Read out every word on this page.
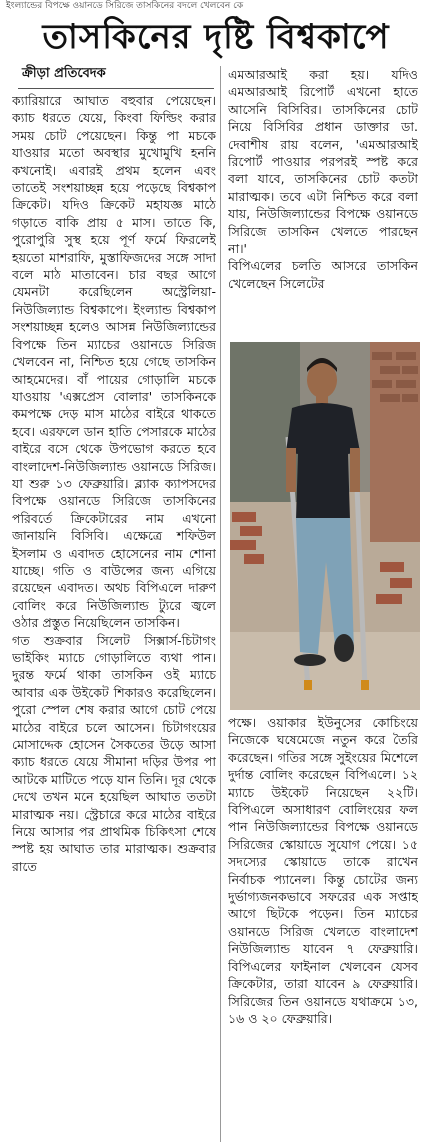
ইংল্যান্ডের বিপক্ষে ওয়ানডে সিরিজে তাসকিনের বদলে খেলবেন কে
তাসকিনের দৃষ্টি বিশ্বকাপে
ক্রীড়া প্রতিবেদক

ক্যারিয়ারে আঘাত বহুবার পেয়েছেন। ক্যাচ ধরতে যেয়ে, কিংবা ফিল্ডিং করার সময় চোট পেয়েছেন। কিন্তু পা মচকে যাওয়ার মতো অবস্থার মুখোমুখি হননি কখনোই। এবারই প্রথম হলেন এবং তাতেই সংশয়াচ্ছন্ন হয়ে পড়েছে বিশ্বকাপ ক্রিকেট। যদিও ক্রিকেট মহাযজ্ঞ মাঠে গড়াতে বাকি প্রায় ৫ মাস। তাতে কি, পুরোপুরি সুস্থ হয়ে পূর্ণ ফর্মে ফিরলেই হয়তো মাশরাফি, মুস্তাফিজদের সঙ্গে সাদা বলে মাঠ মাতাবেন। চার বছর আগে যেমনটা করেছিলেন অস্ট্রেলিয়া-নিউজিল্যান্ড বিশ্বকাপে। ইংল্যান্ড বিশ্বকাপ সংশয়াচ্ছন্ন হলেও আসন্ন নিউজিল্যান্ডের বিপক্ষে তিন ম্যাচের ওয়ানডে সিরিজ খেলবেন না, নিশ্চিত হয়ে গেছে তাসকিন আহমেদের। বাঁ পায়ের গোড়ালি মচকে যাওয়ায় 'এক্সপ্রেস বোলার' তাসকিনকে কমপক্ষে দেড় মাস মাঠের বাইরে থাকতে হবে। এরফলে ডান হাতি পেসারকে মাঠের বাইরে বসে থেকে উপভোগ করতে হবে বাংলাদেশ-নিউজিল্যান্ড ওয়ানডে সিরিজ। যা শুরু ১৩ ফেব্রুয়ারি। ব্ল্যাক ক্যাপসদের বিপক্ষে ওয়ানডে সিরিজে তাসকিনের পরিবর্তে ক্রিকেটারের নাম এখনো জানায়নি বিসিবি। এক্ষেত্রে শফিউল ইসলাম ও এবাদত হোসেনের নাম শোনা যাচ্ছে। গতি ও বাউন্সের জন্য এগিয়ে রয়েছেন এবাদত। অথচ বিপিএলে দারুণ বোলিং করে নিউজিল্যান্ড ট্যুরে জ্বলে ওঠার প্রস্তুত নিয়েছিলেন তাসকিন।

গত শুক্রবার সিলেট সিক্সার্স-চিটাগং ভাইকিং ম্যাচে গোড়ালিতে ব্যথা পান। দুরন্ত ফর্মে থাকা তাসকিন ওই ম্যাচে আবার এক উইকেট শিকারও করেছিলেন। পুরো স্পেল শেষ করার আগে চোট পেয়ে মাঠের বাইরে চলে আসেন। চিটাগংয়ের মোসাদ্দেক হোসেন সৈকতের উড়ে আসা ক্যাচ ধরতে যেয়ে সীমানা দড়ির উপর পা আটকে মাটিতে পড়ে যান তিনি। দূর থেকে দেখে তখন মনে হয়েছিল আঘাত ততটা মারাত্মক নয়। স্ট্রেচারে করে মাঠের বাইরে নিয়ে আসার পর প্রাথমিক চিকিৎসা শেষে স্পষ্ট হয় আঘাত তার মারাত্মক। শুক্রবার রাতে

এমআরআই করা হয়। যদিও এমআরআই রিপোর্ট এখনো হাতে আসেনি বিসিবির। তাসকিনের চোট নিয়ে বিসিবির প্রধান ডাক্তার ডা. দেবাশীষ রায় বলেন, 'এমআরআই রিপোর্ট পাওয়ার পরপরই স্পষ্ট করে বলা যাবে, তাসকিনের চোট কতটা মারাত্মক। তবে এটা নিশ্চিত করে বলা যায়, নিউজিল্যান্ডের বিপক্ষে ওয়ানডে সিরিজে তাসকিন খেলতে পারছেন না।'

বিপিএলের চলতি আসরে তাসকিন খেলেছেন সিলেটের

পক্ষে। ওয়াকার ইউনুসের কোচিংয়ে নিজেকে ঘষেমেজে নতুন করে তৈরি করেছেন। গতির সঙ্গে সুইংয়ের মিশেলে দুর্দান্ত বোলিং করেছেন বিপিএলে। ১২ ম্যাচে উইকেট নিয়েছেন ২২টি। বিপিএলে অসাধারণ বোলিংয়ের ফল পান নিউজিল্যান্ডের বিপক্ষে ওয়ানডে সিরিজের স্কোয়াডে সুযোগ পেয়ে। ১৫ সদস্যের স্কোয়াডে তাকে রাখেন নির্বাচক প্যানেল। কিন্তু চোটের জন্য দুর্ভাগ্যজনকভাবে সফরের এক সপ্তাহ আগে ছিটকে পড়েন। তিন ম্যাচের ওয়ানডে সিরিজ খেলতে বাংলাদেশ নিউজিল্যান্ড যাবেন ৭ ফেব্রুয়ারি। বিপিএলের ফাইনাল খেলবেন যেসব ক্রিকেটার, তারা যাবেন ৯ ফেব্রুয়ারি। সিরিজের তিন ওয়ানডে যথাক্রমে ১৩, ১৬ ও ২০ ফেব্রুয়ারি।
